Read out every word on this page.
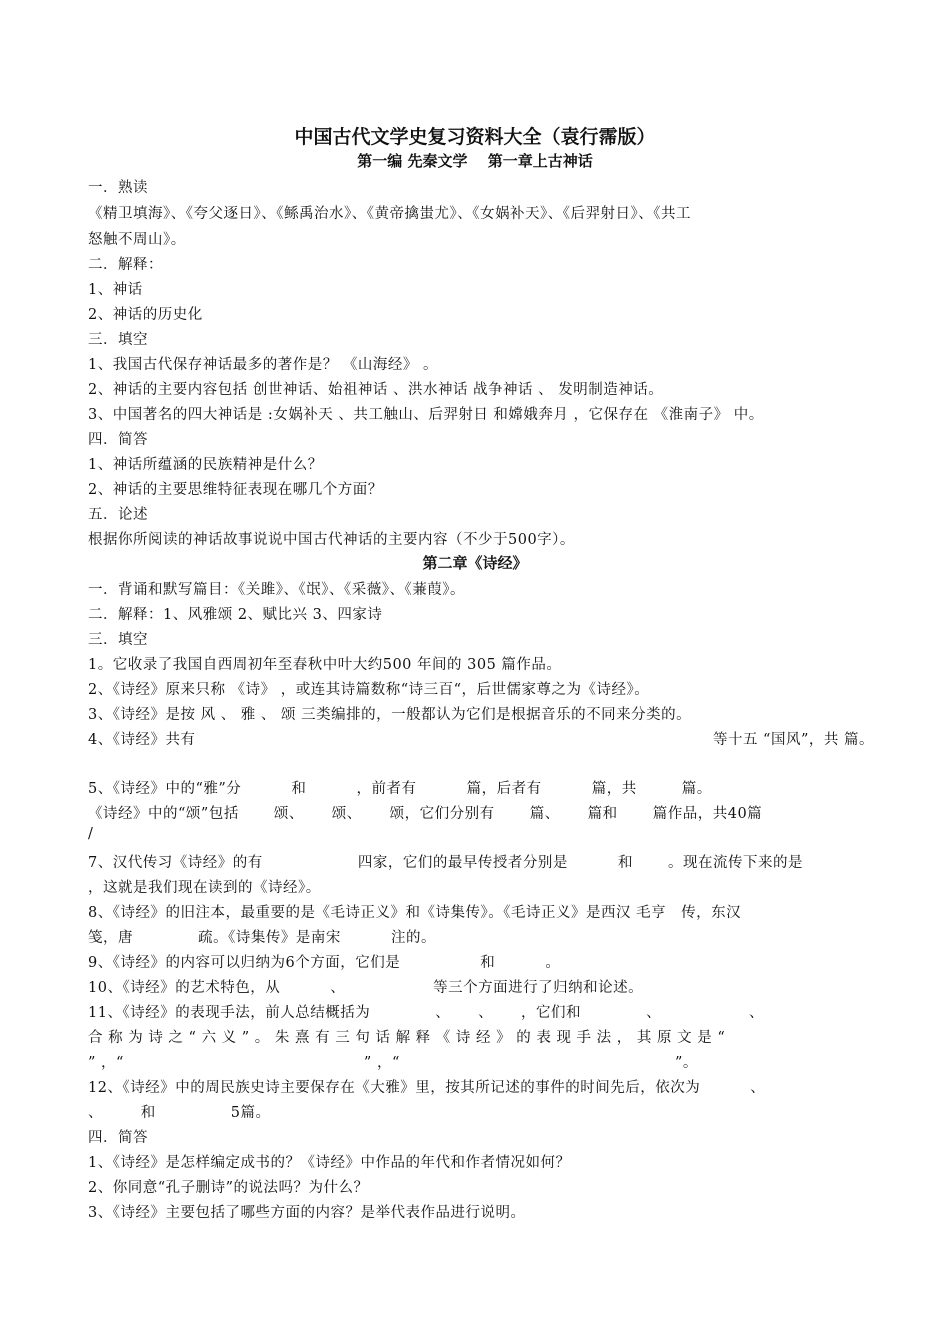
中国古代文学史复习资料大全（袁行霈版）
第一编 先秦文学　 第一章上古神话
一．熟读
《精卫填海》、《夸父逐日》、《鲧禹治水》、《黄帝擒蚩尤》、《女娲补天》、《后羿射日》、《共工
怒触不周山》。
二．解释：
1、神话
2、神话的历史化
三．填空
1、我国古代保存神话最多的著作是？ 《山海经》 。
2、神话的主要内容包括 创世神话、始祖神话 、洪水神话 战争神话 、 发明制造神话。
3、中国著名的四大神话是 :女娲补天 、共工触山、后羿射日 和嫦娥奔月 ，它保存在 《淮南子》 中。
四．简答
1、神话所蕴涵的民族精神是什么？
2、神话的主要思维特征表现在哪几个方面？
五．论述
根据你所阅读的神话故事说说中国古代神话的主要内容（不少于500字）。
第二章《诗经》
一．背诵和默写篇目：《关雎》、《氓》、《采薇》、《蒹葭》。
二．解释：1、风雅颂 2、赋比兴 3、四家诗
三．填空
1。它收录了我国自西周初年至春秋中叶大约500 年间的 305 篇作品。
2、《诗经》原来只称 《诗》 ，或连其诗篇数称“诗三百“，后世儒家尊之为《诗经》。
3、《诗经》是按 风 、 雅 、 颂 三类编排的，一般都认为它们是根据音乐的不同来分类的。
4、《诗经》共有	等十五 “国风”，共 篇。
5、《诗经》中的“雅”分　　　 和　　　 ，前者有　　　 篇，后者有　　　 篇，共　　　篇。
《诗经》中的“颂”包括　　 颂、　　 颂、　　 颂，它们分别有　　 篇、　　 篇和　　 篇作品，共40篇
/
7、汉代传习《诗经》的有　　　　　　 四家，它们的最早传授者分别是　　　 和　　 。现在流传下来的是
，这就是我们现在读到的《诗经》。
8、《诗经》的旧注本，最重要的是《毛诗正义》和《诗集传》。《毛诗正义》是西汉 毛亨　传，东汉
笺，唐　　　　 疏。《诗集传》是南宋　　　 注的。
9、《诗经》的内容可以归纳为6个方面，它们是　　　　　 和　　　 。
10、《诗经》的艺术特色，从　　　 、　　　　　　 等三个方面进行了归纳和论述。
11、《诗经》的表现手法，前人总结概括为　　　　 、　　 、　　 ，它们和　　　　 、　　　　　　 、
合 称 为 诗 之 “ 六 义 ” 。 朱 熹 有 三 句 话 解 释 《 诗 经 》 的 表 现 手 法 ， 其 原 文 是 “
” ，“　　　　　　　　　　　　　　　　” ，“　　　　　　　　　　　　　　　　　　 ”。
12、《诗经》中的周民族史诗主要保存在《大雅》里，按其所记述的事件的时间先后，依次为　　　 、
、　　　和　　　　　5篇。
四．简答
1、《诗经》是怎样编定成书的？《诗经》中作品的年代和作者情况如何？
2、你同意“孔子删诗”的说法吗？为什么？
3、《诗经》主要包括了哪些方面的内容？是举代表作品进行说明。
